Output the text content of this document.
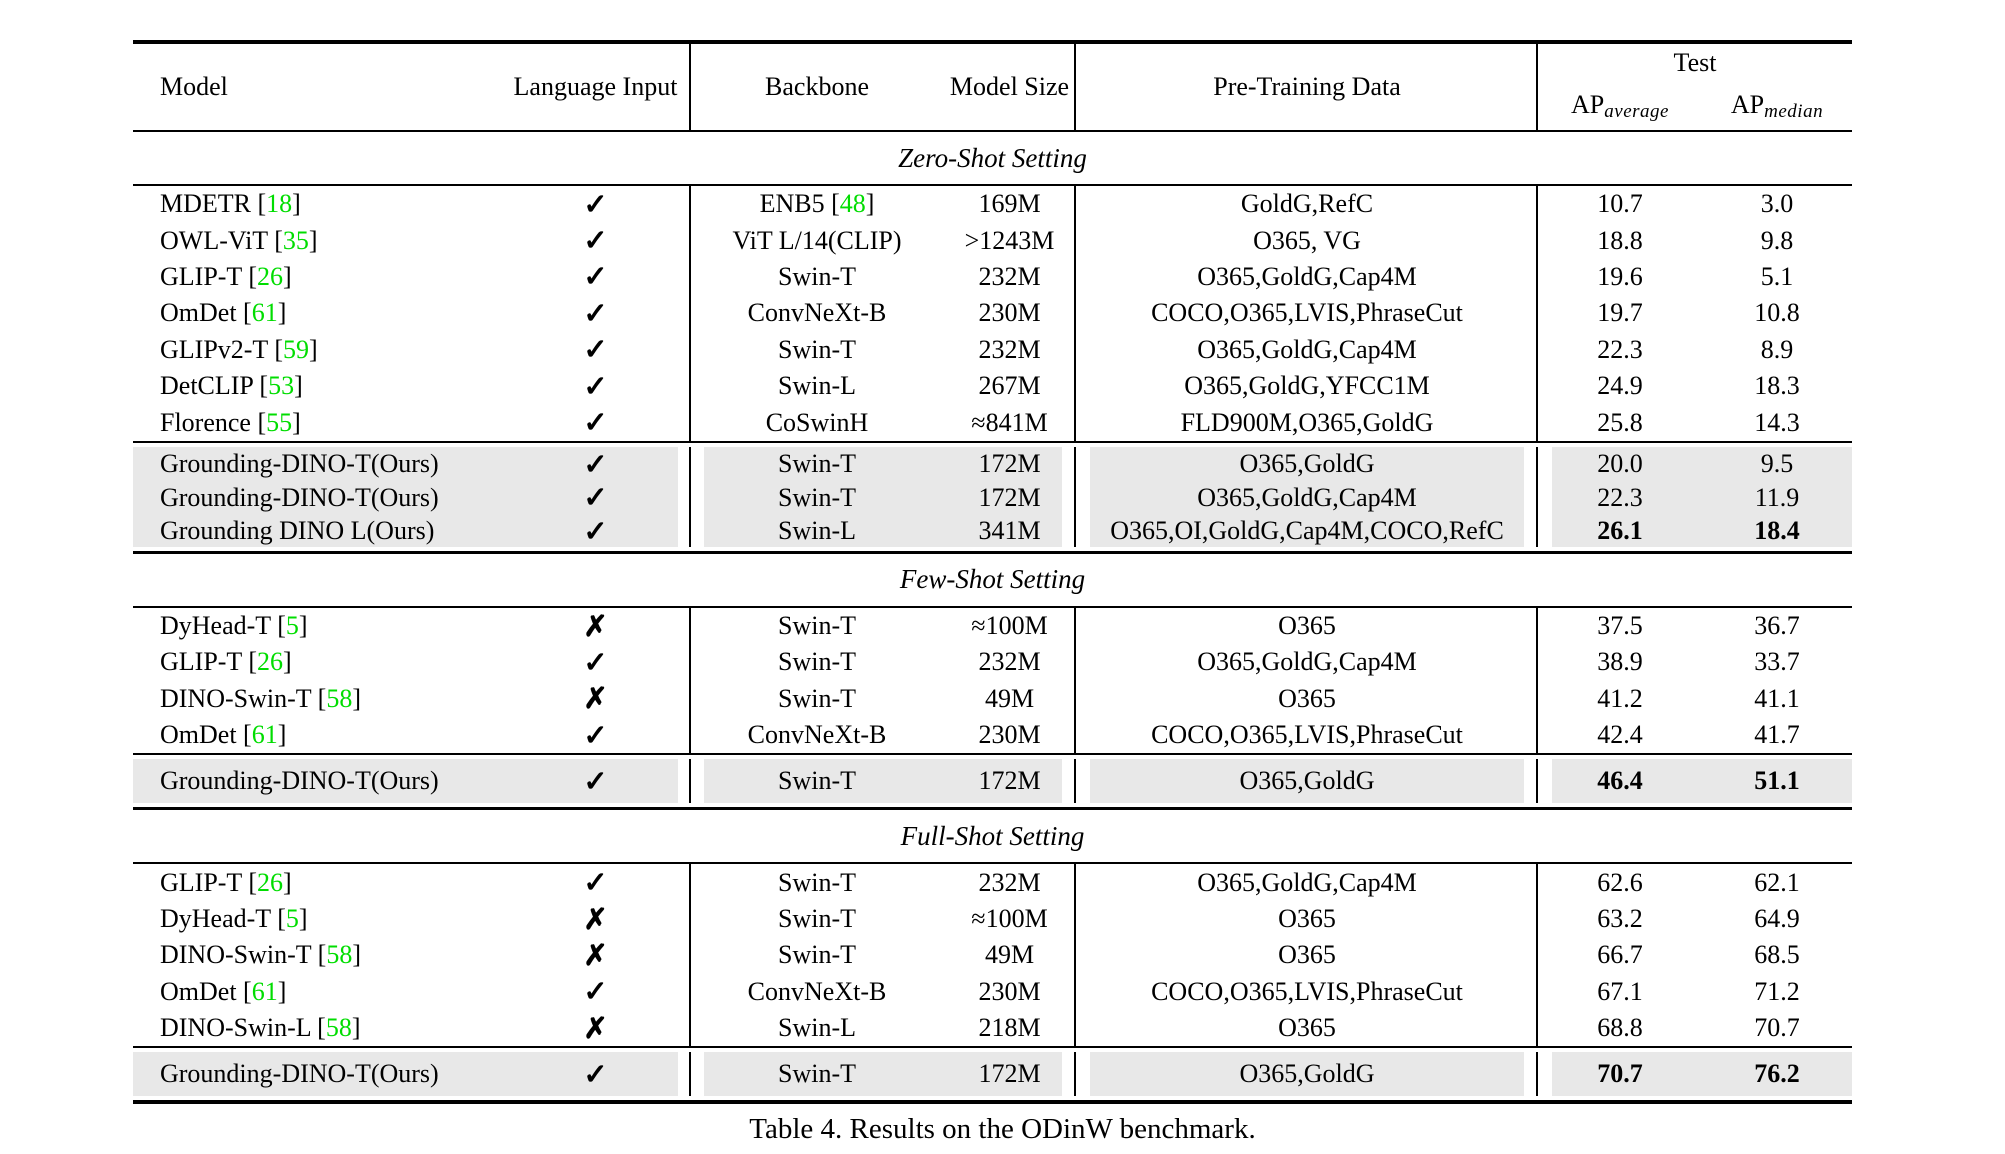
Model	Language Input	Backbone	Model Size	Pre-Training Data
Test
AP average AP median
Zero-Shot Setting
MDETR [ 18 ]	✓	ENB5 [ 48 ]	169M	GoldG,RefC	10.7	3.0
OWL-ViT [ 35 ]	✓	ViT L/14(CLIP)	>1243M	O365, VG	18.8	9.8
GLIP-T [ 26 ]	✓	Swin-T	232M	O365,GoldG,Cap4M	19.6	5.1
OmDet [ 61 ]	✓	ConvNeXt-B	230M	COCO,O365,LVIS,PhraseCut	19.7	10.8
GLIPv2-T [ 59 ]	✓	Swin-T	232M	O365,GoldG,Cap4M	22.3	8.9
DetCLIP [ 53 ]	✓	Swin-L	267M	O365,GoldG,YFCC1M	24.9	18.3
Florence [ 55 ]	✓	CoSwinH	≈841M	FLD900M,O365,GoldG	25.8	14.3
Grounding-DINO-T(Ours)	✓	Swin-T	172M	O365,GoldG	20.0	9.5
Grounding-DINO-T(Ours)	✓	Swin-T	172M	O365,GoldG,Cap4M	22.3	11.9
Grounding DINO L(Ours)	✓	Swin-L	341M	O365,OI,GoldG,Cap4M,COCO,RefC	26.1	18.4
Few-Shot Setting
DyHead-T [ 5 ]	✗	Swin-T	≈100M	O365	37.5	36.7
GLIP-T [ 26 ]	✓	Swin-T	232M	O365,GoldG,Cap4M	38.9	33.7
DINO-Swin-T [ 58 ]	✗	Swin-T	49M	O365	41.2	41.1
OmDet [ 61 ]	✓	ConvNeXt-B	230M	COCO,O365,LVIS,PhraseCut	42.4	41.7
Grounding-DINO-T(Ours)	✓	Swin-T	172M	O365,GoldG	46.4	51.1
Full-Shot Setting
GLIP-T [ 26 ]	✓	Swin-T	232M	O365,GoldG,Cap4M	62.6	62.1
DyHead-T [ 5 ]	✗	Swin-T	≈100M	O365	63.2	64.9
DINO-Swin-T [ 58 ]	✗	Swin-T	49M	O365	66.7	68.5
OmDet [ 61 ]	✓	ConvNeXt-B	230M	COCO,O365,LVIS,PhraseCut	67.1	71.2
DINO-Swin-L [ 58 ]	✗	Swin-L	218M	O365	68.8	70.7
Grounding-DINO-T(Ours)	✓	Swin-T	172M	O365,GoldG	70.7	76.2
Table 4. Results on the ODinW benchmark.
